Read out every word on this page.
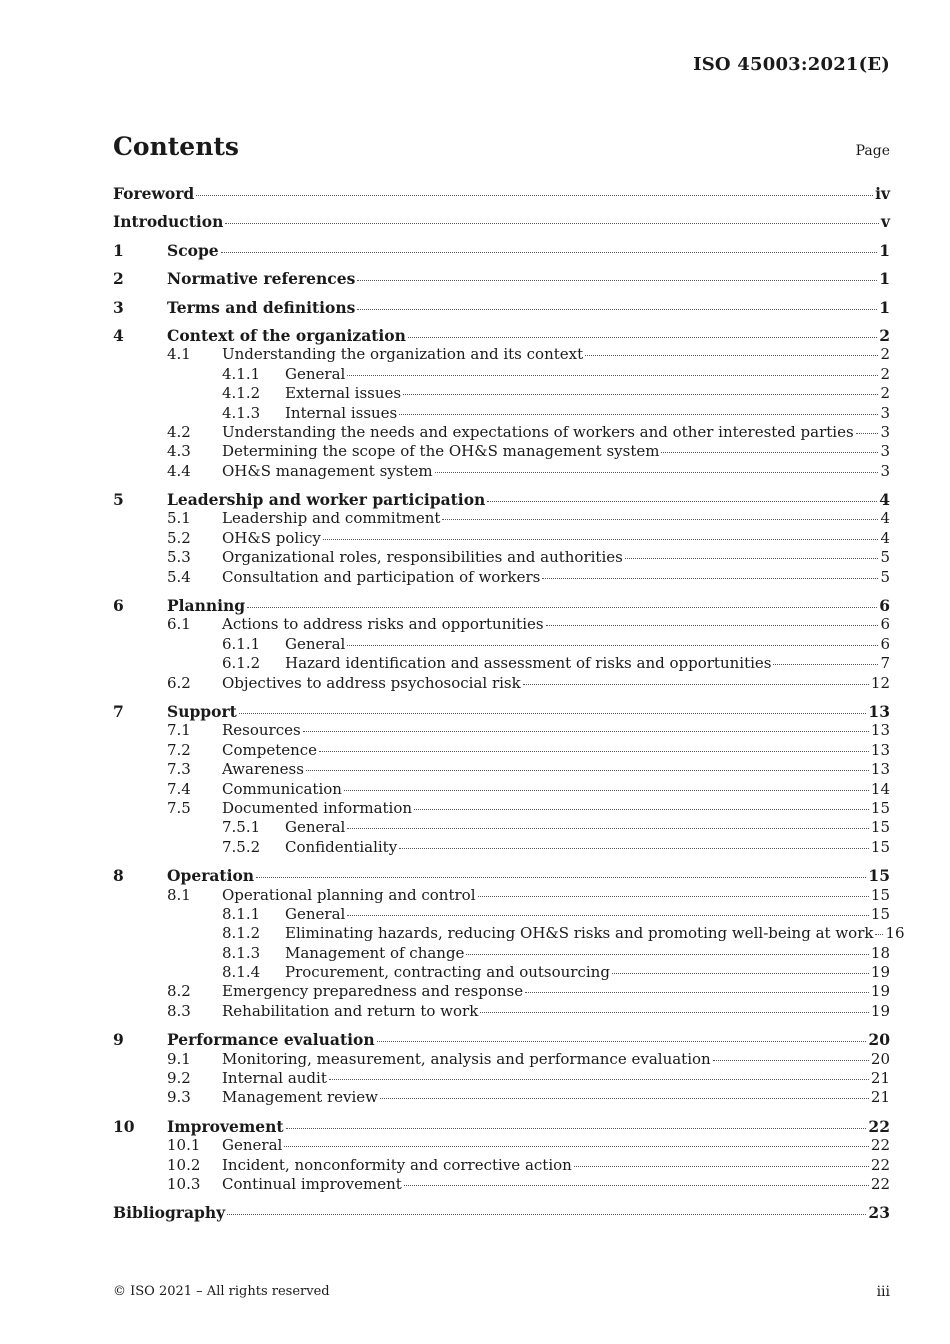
ISO 45003:2021(E)
Contents	Page
Foreword	iv
Introduction	v
1	Scope	1
2	Normative references	1
3	Terms and definitions	1
4	Context of the organization	2
4.1	Understanding the organization and its context	2
4.1.1	General	2
4.1.2	External issues	2
4.1.3	Internal issues	3
4.2	Understanding the needs and expectations of workers and other interested parties 3
4.3	Determining the scope of the OH&S management system	3
4.4	OH&S management system	3
5	Leadership and worker participation	4
5.1	Leadership and commitment	4
5.2	OH&S policy	4
5.3	Organizational roles, responsibilities and authorities	5
5.4	Consultation and participation of workers	5
6	Planning	6
6.1	Actions to address risks and opportunities	6
6.1.1	General	6
6.1.2	Hazard identification and assessment of risks and opportunities	7
6.2	Objectives to address psychosocial risk	12
7	Support	13
7.1	Resources	13
7.2	Competence	13
7.3	Awareness	13
7.4	Communication	14
7.5	Documented information	15
7.5.1	General	15
7.5.2	Confidentiality	15
8	Operation	15
8.1	Operational planning and control	15
8.1.1	General	15
8.1.2	Eliminating hazards, reducing OH&S risks and promoting well-being at work 16
8.1.3	Management of change	18
8.1.4	Procurement, contracting and outsourcing	19
8.2	Emergency preparedness and response	19
8.3	Rehabilitation and return to work	19
9	Performance evaluation	20
9.1	Monitoring, measurement, analysis and performance evaluation	20
9.2	Internal audit	21
9.3	Management review	21
10	Improvement	22
10.1	General	22
10.2	Incident, nonconformity and corrective action	22
10.3	Continual improvement	22
Bibliography	23
© ISO 2021 – All rights reserved	iii
